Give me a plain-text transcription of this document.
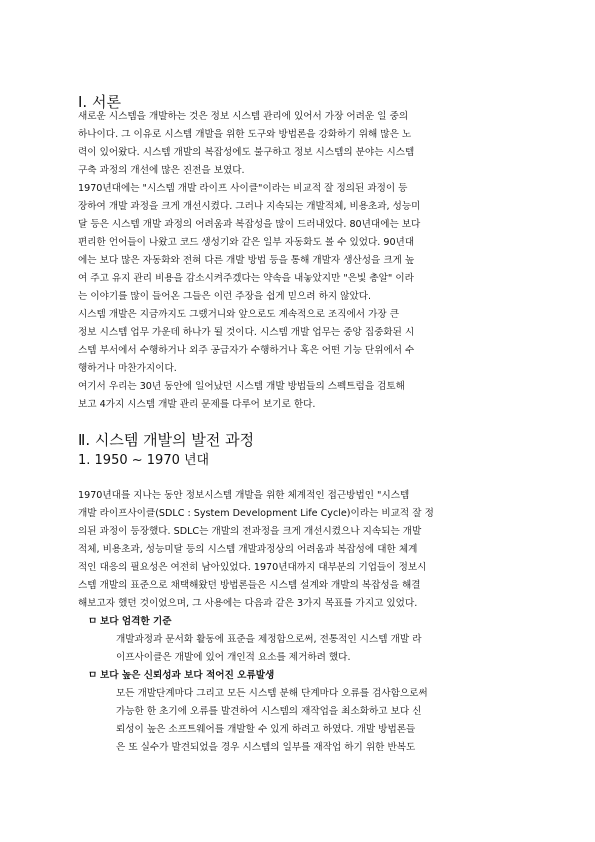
Ⅰ. 서론
새로운 시스템을 개발하는 것은 정보 시스템 관리에 있어서 가장 어려운 일 중의
하나이다. 그 이유로 시스템 개발을 위한 도구와 방법론을 강화하기 위해 많은 노
력이 있어왔다. 시스템 개발의 복잡성에도 불구하고 정보 시스템의 분야는 시스템
구축 과정의 개선에 많은 진전을 보였다.
1970년대에는 "시스템 개발 라이프 사이클"이라는 비교적 잘 정의된 과정이 등
장하여 개발 과정을 크게 개선시켰다. 그러나 지속되는 개발적체, 비용초과, 성능미
달 등은 시스템 개발 과정의 어려움과 복잡성을 많이 드러내었다. 80년대에는 보다
편리한 언어들이 나왔고 코드 생성기와 같은 일부 자동화도 볼 수 있었다. 90년대
에는 보다 많은 자동화와 전혀 다른 개발 방법 등을 통해 개발자 생산성을 크게 높
여 주고 유지 관리 비용을 감소시켜주겠다는 약속을 내놓았지만 "은빛 총알" 이라
는 이야기를 많이 들어온 그들은 이런 주장을 쉽게 믿으려 하지 않았다.
시스템 개발은 지금까지도 그랬거니와 앞으로도 계속적으로 조직에서 가장 큰
정보 시스템 업무 가운데 하나가 될 것이다. 시스템 개발 업무는 중앙 집중화된 시
스템 부서에서 수행하거나 외주 공급자가 수행하거나 혹은 어떤 기능 단위에서 수
행하거나 마찬가지이다.
여기서 우리는 30년 동안에 일어났던 시스템 개발 방법들의 스펙트럼을 검토해
보고 4가지 시스템 개발 관리 문제를 다루어 보기로 한다.
Ⅱ. 시스템 개발의 발전 과정
1. 1950 ~ 1970 년대
1970년대를 지나는 동안 정보시스템 개발을 위한 체계적인 접근방법인 "시스템
개발 라이프사이클(SDLC : System Development Life Cycle)이라는 비교적 잘 정
의된 과정이 등장했다. SDLC는 개발의 전과정을 크게 개선시켰으나 지속되는 개발
적체, 비용초과, 성능미달 등의 시스템 개발과정상의 어려움과 복잡성에 대한 체계
적인 대응의 필요성은 여전히 남아있었다. 1970년대까지 대부분의 기업들이 정보시
스템 개발의 표준으로 채택해왔던 방법론들은 시스템 설계와 개발의 복잡성을 해결
해보고자 했던 것이었으며, 그 사용에는 다음과 같은 3가지 목표를 가지고 있었다.
ㅁ 보다 엄격한 기준
개발과정과 문서화 활동에 표준을 제정함으로써, 전통적인 시스템 개발 라
이프사이클은 개발에 있어 개인적 요소를 제거하려 했다.
ㅁ 보다 높은 신뢰성과 보다 적어진 오류발생
모든 개발단계마다 그리고 모든 시스템 분해 단계마다 오류를 검사함으로써
가능한 한 초기에 오류를 발견하여 시스템의 재작업을 최소화하고 보다 신
뢰성이 높은 소프트웨어를 개발할 수 있게 하려고 하였다. 개발 방법론들
은 또 실수가 발견되었을 경우 시스템의 일부를 재작업 하기 위한 반복도
